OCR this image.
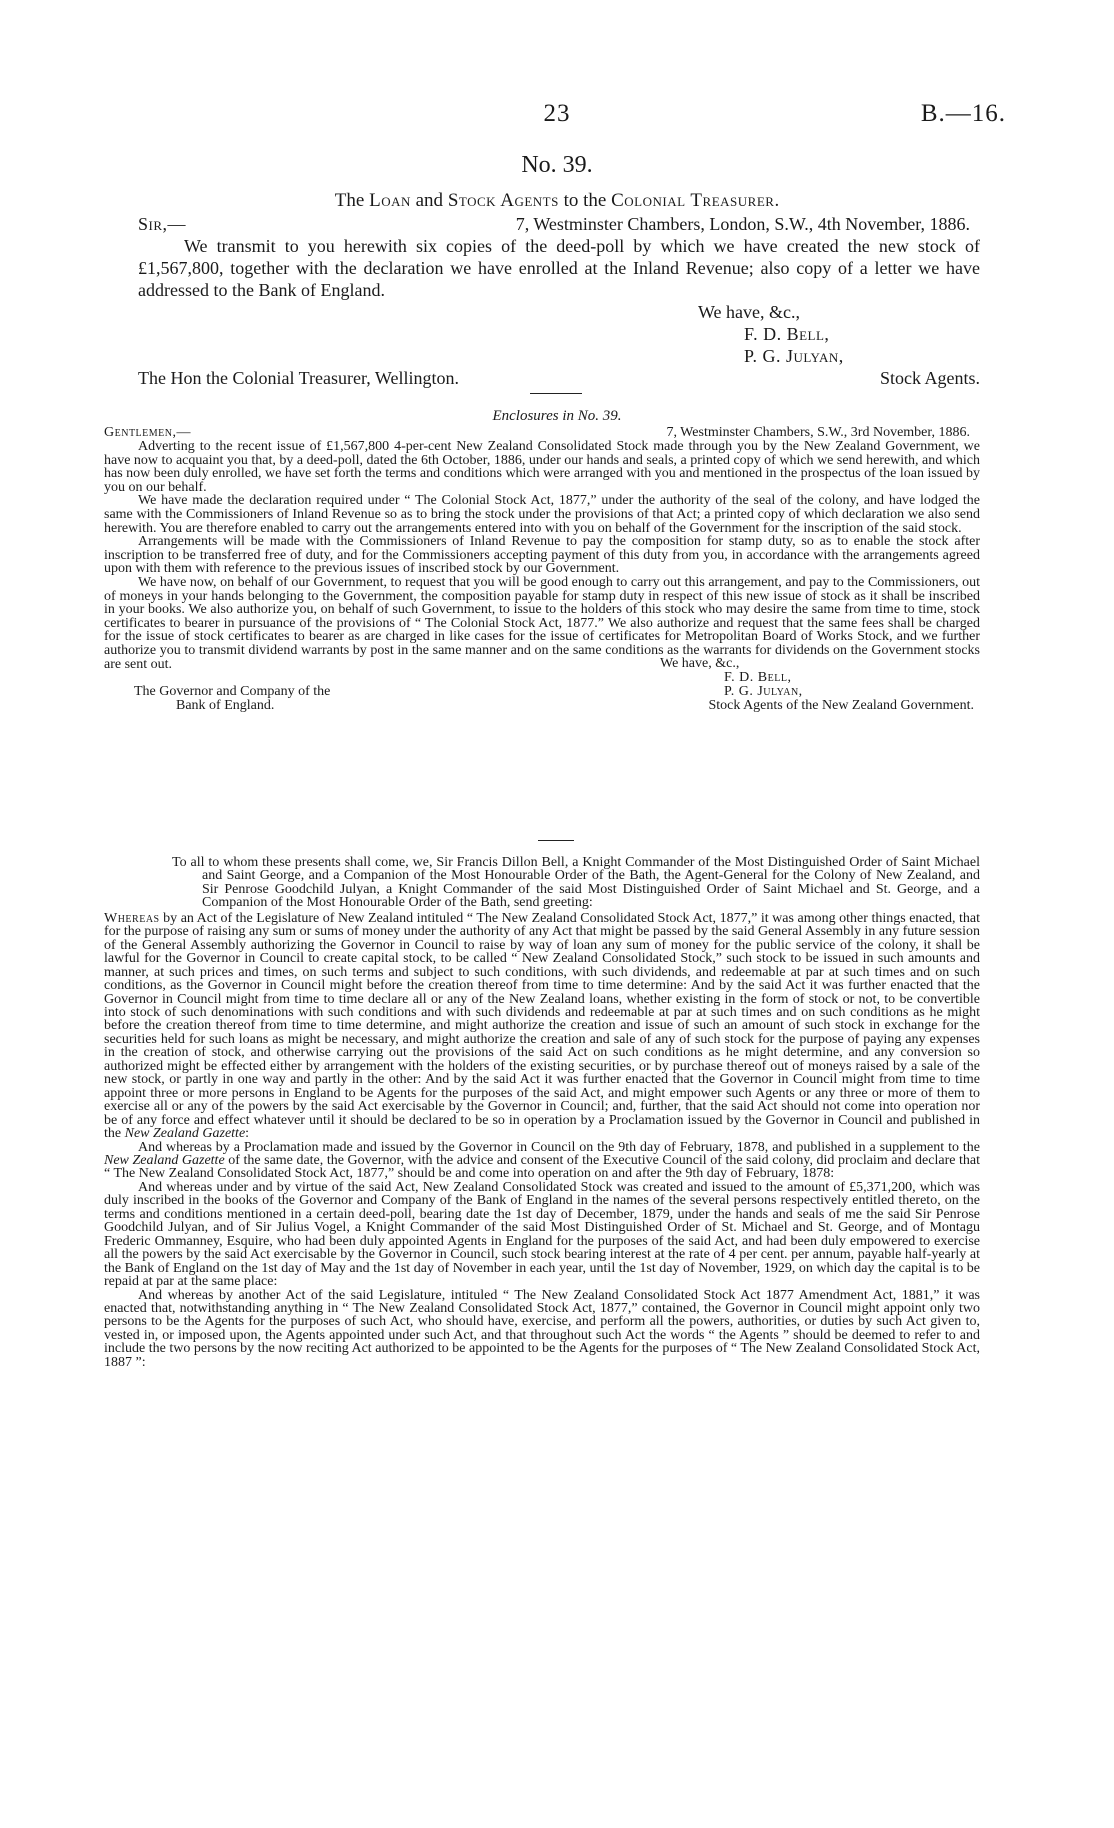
23	B.—16.
No. 39.
The Loan and Stock Agents to the Colonial Treasurer.
Sir,—	7, Westminster Chambers, London, S.W., 4th November, 1886.

We transmit to you herewith six copies of the deed-poll by which we have created the new stock of £1,567,800, together with the declaration we have enrolled at the Inland Revenue; also copy of a letter we have addressed to the Bank of England.

We have, &c.,
F. D. Bell,
P. G. Julyan,
Stock Agents.
The Hon the Colonial Treasurer, Wellington.
Enclosures in No. 39.
Gentlemen,—	7, Westminster Chambers, S.W., 3rd November, 1886.

Adverting to the recent issue of £1,567,800 4-per-cent New Zealand Consolidated Stock made through you by the New Zealand Government, we have now to acquaint you that, by a deed-poll, dated the 6th October, 1886, under our hands and seals, a printed copy of which we send herewith, and which has now been duly enrolled, we have set forth the terms and conditions which were arranged with you and mentioned in the prospectus of the loan issued by you on our behalf.

We have made the declaration required under “ The Colonial Stock Act, 1877,” under the authority of the seal of the colony, and have lodged the same with the Commissioners of Inland Revenue so as to bring the stock under the provisions of that Act; a printed copy of which declaration we also send herewith. You are therefore enabled to carry out the arrangements entered into with you on behalf of the Government for the inscription of the said stock.

Arrangements will be made with the Commissioners of Inland Revenue to pay the composition for stamp duty, so as to enable the stock after inscription to be transferred free of duty, and for the Commissioners accepting payment of this duty from you, in accordance with the arrangements agreed upon with them with reference to the previous issues of inscribed stock by our Government.

We have now, on behalf of our Government, to request that you will be good enough to carry out this arrangement, and pay to the Commissioners, out of moneys in your hands belonging to the Government, the composition payable for stamp duty in respect of this new issue of stock as it shall be inscribed in your books. We also authorize you, on behalf of such Government, to issue to the holders of this stock who may desire the same from time to time, stock certificates to bearer in pursuance of the provisions of “ The Colonial Stock Act, 1877.” We also authorize and request that the same fees shall be charged for the issue of stock certificates to bearer as are charged in like cases for the issue of certificates for Metropolitan Board of Works Stock, and we further authorize you to transmit dividend warrants by post in the same manner and on the same conditions as the warrants for dividends on the Government stocks are sent out.	We have, &c.,
F. D. Bell,
P. G. Julyan,
Stock Agents of the New Zealand Government.
The Governor and Company of the
Bank of England.

To all to whom these presents shall come, we, Sir Francis Dillon Bell, a Knight Commander of the Most Distinguished Order of Saint Michael and Saint George, and a Companion of the Most Honourable Order of the Bath, the Agent-General for the Colony of New Zealand, and Sir Penrose Goodchild Julyan, a Knight Commander of the said Most Distinguished Order of Saint Michael and St. George, and a Companion of the Most Honourable Order of the Bath, send greeting:

Whereas by an Act of the Legislature of New Zealand intituled “ The New Zealand Consolidated Stock Act, 1877,” it was among other things enacted, that for the purpose of raising any sum or sums of money under the authority of any Act that might be passed by the said General Assembly in any future session of the General Assembly authorizing the Governor in Council to raise by way of loan any sum of money for the public service of the colony, it shall be lawful for the Governor in Council to create capital stock, to be called “ New Zealand Consolidated Stock,” such stock to be issued in such amounts and manner, at such prices and times, on such terms and subject to such conditions, with such dividends, and redeemable at par at such times and on such conditions, as the Governor in Council might before the creation thereof from time to time determine: And by the said Act it was further enacted that the Governor in Council might from time to time declare all or any of the New Zealand loans, whether existing in the form of stock or not, to be convertible into stock of such denominations with such conditions and with such dividends and redeemable at par at such times and on such conditions as he might before the creation thereof from time to time determine, and might authorize the creation and issue of such an amount of such stock in exchange for the securities held for such loans as might be necessary, and might authorize the creation and sale of any of such stock for the purpose of paying any expenses in the creation of stock, and otherwise carrying out the provisions of the said Act on such conditions as he might determine, and any conversion so authorized might be effected either by arrangement with the holders of the existing securities, or by purchase thereof out of moneys raised by a sale of the new stock, or partly in one way and partly in the other: And by the said Act it was further enacted that the Governor in Council might from time to time appoint three or more persons in England to be Agents for the purposes of the said Act, and might empower such Agents or any three or more of them to exercise all or any of the powers by the said Act exercisable by the Governor in Council; and, further, that the said Act should not come into operation nor be of any force and effect whatever until it should be declared to be so in operation by a Proclamation issued by the Governor in Council and published in the New Zealand Gazette:

And whereas by a Proclamation made and issued by the Governor in Council on the 9th day of February, 1878, and published in a supplement to the New Zealand Gazette of the same date, the Governor, with the advice and consent of the Executive Council of the said colony, did proclaim and declare that “ The New Zealand Consolidated Stock Act, 1877,” should be and come into operation on and after the 9th day of February, 1878:

And whereas under and by virtue of the said Act, New Zealand Consolidated Stock was created and issued to the amount of £5,371,200, which was duly inscribed in the books of the Governor and Company of the Bank of England in the names of the several persons respectively entitled thereto, on the terms and conditions mentioned in a certain deed-poll, bearing date the 1st day of December, 1879, under the hands and seals of me the said Sir Penrose Goodchild Julyan, and of Sir Julius Vogel, a Knight Commander of the said Most Distinguished Order of St. Michael and St. George, and of Montagu Frederic Ommanney, Esquire, who had been duly appointed Agents in England for the purposes of the said Act, and had been duly empowered to exercise all the powers by the said Act exercisable by the Governor in Council, such stock bearing interest at the rate of 4 per cent. per annum, payable half-yearly at the Bank of England on the 1st day of May and the 1st day of November in each year, until the 1st day of November, 1929, on which day the capital is to be repaid at par at the same place:

And whereas by another Act of the said Legislature, intituled “ The New Zealand Consolidated Stock Act 1877 Amendment Act, 1881,” it was enacted that, notwithstanding anything in “ The New Zealand Consolidated Stock Act, 1877,” contained, the Governor in Council might appoint only two persons to be the Agents for the purposes of such Act, who should have, exercise, and perform all the powers, authorities, or duties by such Act given to, vested in, or imposed upon, the Agents appointed under such Act, and that throughout such Act the words “ the Agents ” should be deemed to refer to and include the two persons by the now reciting Act authorized to be appointed to be the Agents for the purposes of “ The New Zealand Consolidated Stock Act, 1887 ”:
